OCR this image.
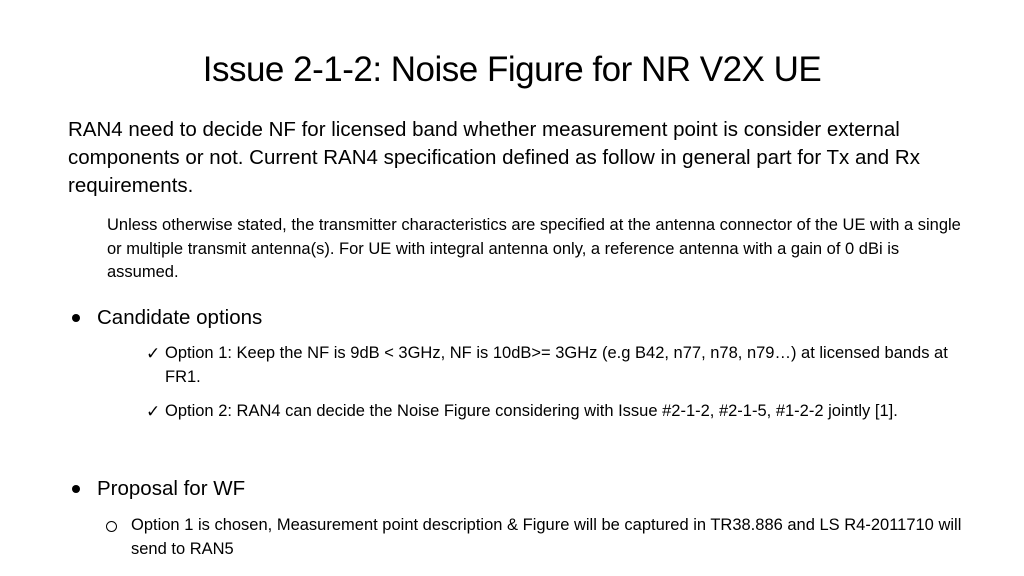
Issue 2-1-2: Noise Figure for NR V2X UE
RAN4 need to decide NF for licensed band whether measurement point is consider external components or not. Current RAN4 specification defined as follow in general part for Tx and Rx requirements.
Unless otherwise stated, the transmitter characteristics are specified at the antenna connector of the UE with a single or multiple transmit antenna(s). For UE with integral antenna only, a reference antenna with a gain of 0 dBi is assumed.
Candidate options
✓ Option 1: Keep the NF is 9dB < 3GHz, NF is 10dB>= 3GHz (e.g B42, n77, n78, n79…) at licensed bands at FR1.
✓ Option 2: RAN4 can decide the Noise Figure considering with Issue #2-1-2, #2-1-5, #1-2-2 jointly [1].
Proposal for WF
Option 1 is chosen, Measurement point description & Figure will be captured in TR38.886 and LS R4-2011710 will send to RAN5
